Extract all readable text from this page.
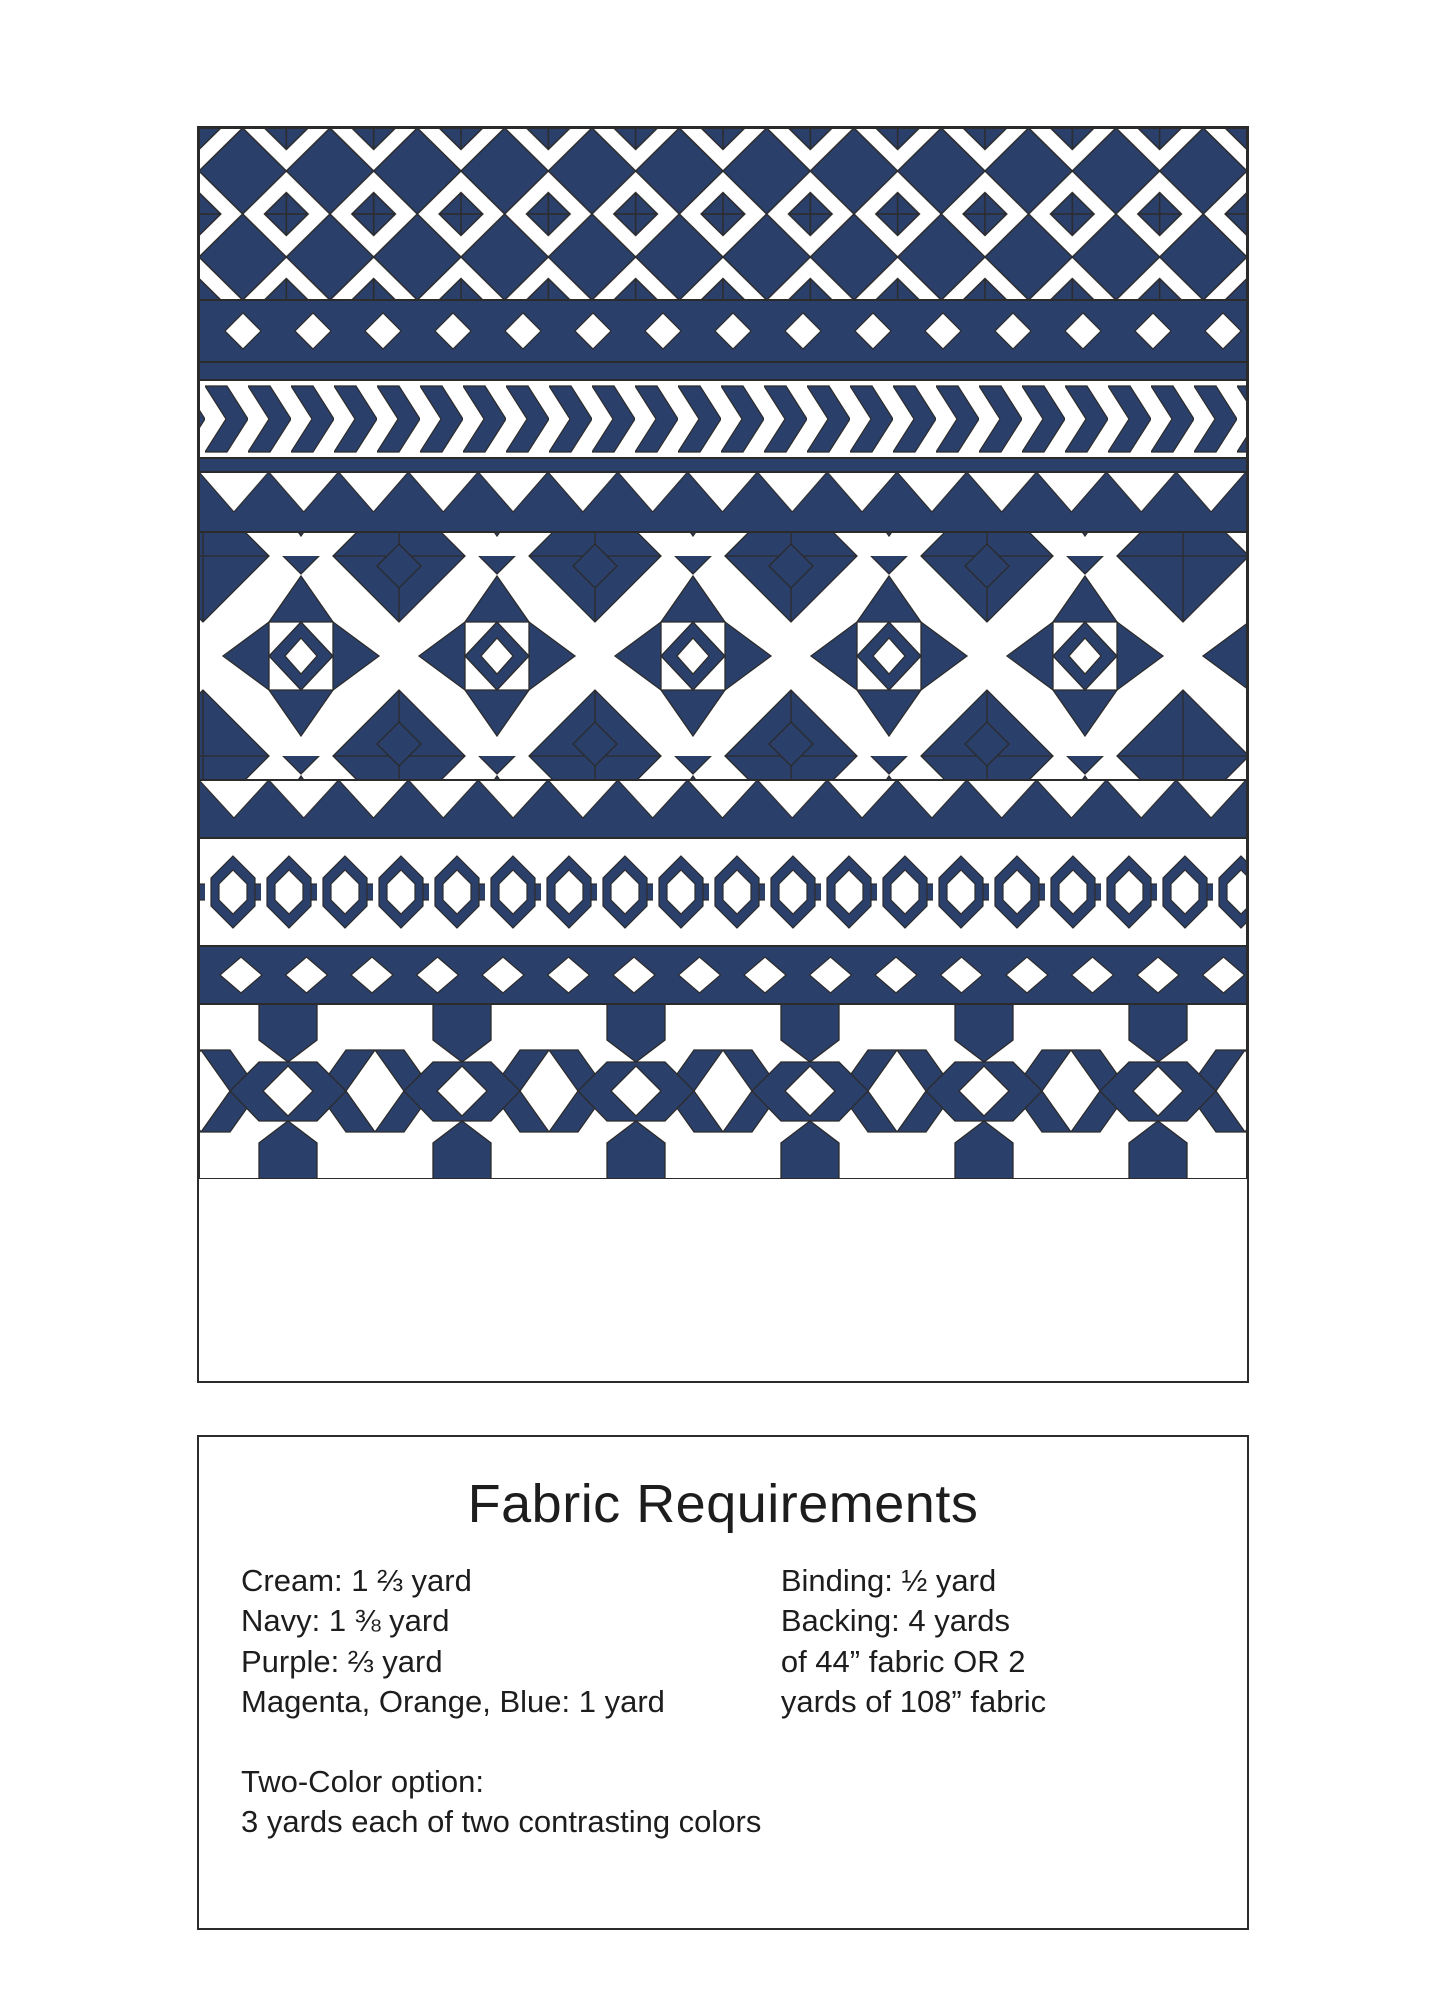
Fabric Requirements
Cream: 1 ⅔ yard
Navy: 1 ⅜ yard
Purple: ⅔ yard
Magenta, Orange, Blue: 1 yard
Binding: ½ yard
Backing: 4 yards
of 44” fabric OR 2
yards of 108” fabric
Two-Color option:
3 yards each of two contrasting colors
